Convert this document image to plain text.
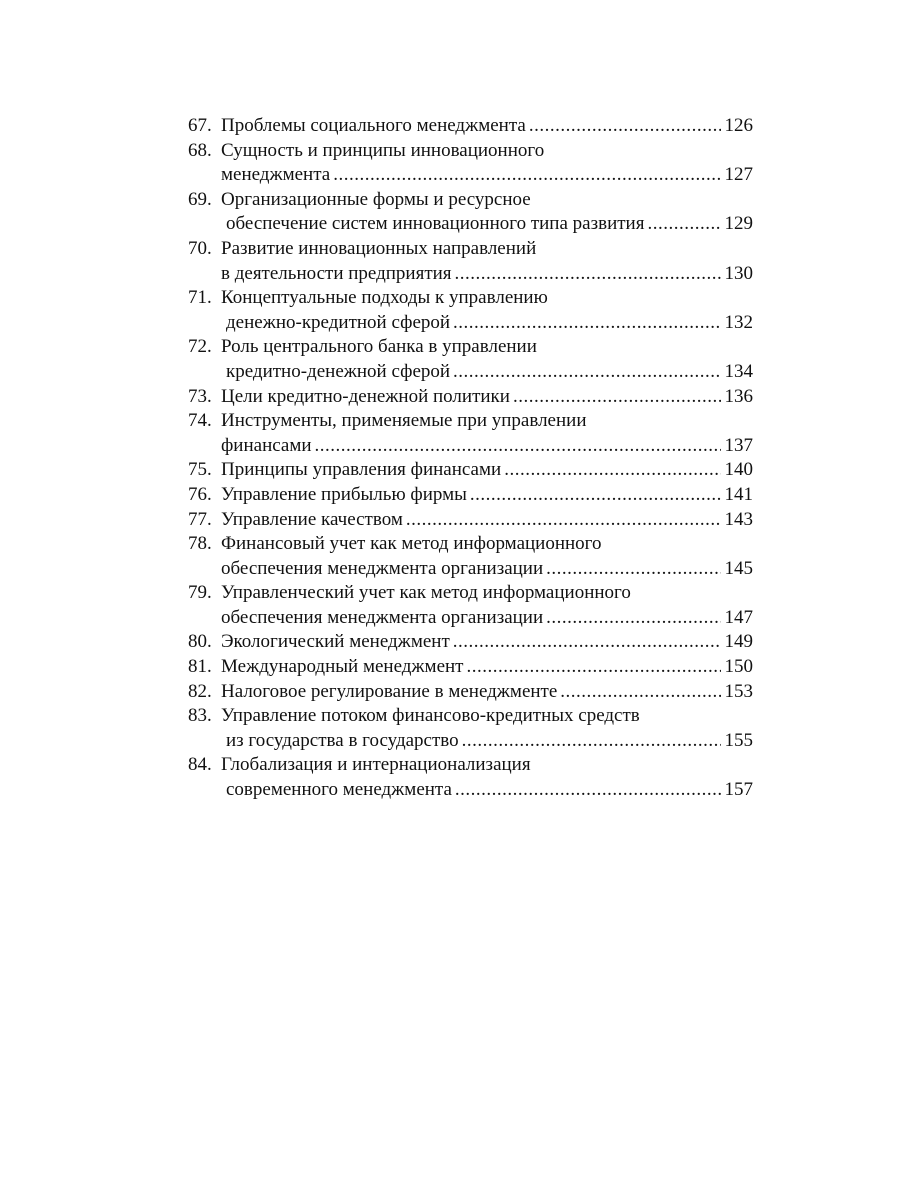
67. Проблемы социального менеджмента .....	126
68. Сущность и принципы инновационного
менеджмента .....	127
69. Организационные формы и ресурсное
обеспечение систем инновационного типа развития .....	129
70. Развитие инновационных направлений
в деятельности предприятия .....	130
71. Концептуальные подходы к управлению
денежно-кредитной сферой .....	132
72. Роль центрального банка в управлении
кредитно-денежной сферой .....	134
73. Цели кредитно-денежной политики .....	136
74. Инструменты, применяемые при управлении
финансами .....	137
75. Принципы управления финансами .....	140
76. Управление прибылью фирмы .....	141
77. Управление качеством .....	143
78. Финансовый учет как метод информационного
обеспечения менеджмента организации .....	145
79. Управленческий учет как метод информационного
обеспечения менеджмента организации .....	147
80. Экологический менеджмент .....	149
81. Международный менеджмент .....	150
82. Налоговое регулирование в менеджменте .....	153
83. Управление потоком финансово-кредитных средств
из государства в государство .....	155
84. Глобализация и интернационализация
современного менеджмента .....	157
